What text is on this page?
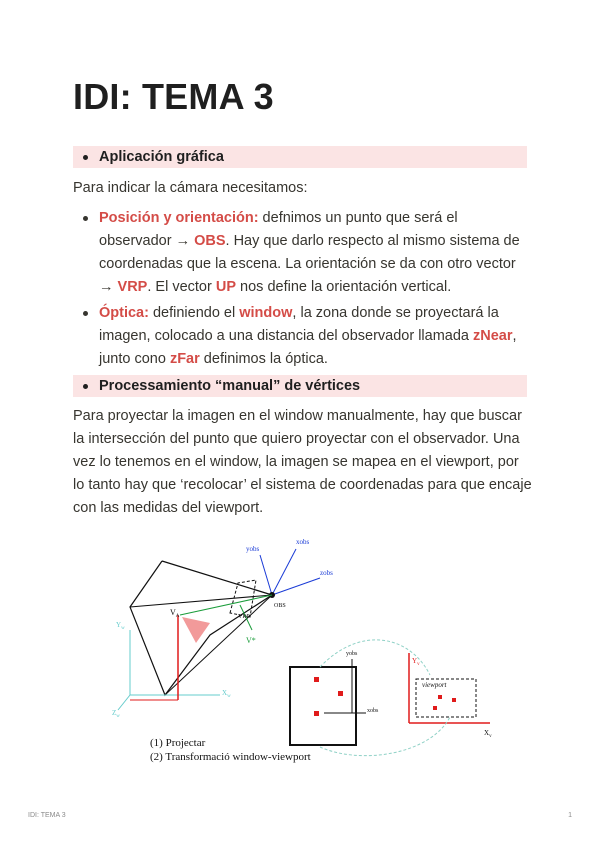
IDI: TEMA 3
Aplicación gráfica

Para indicar la cámara necesitamos:

Posición y orientación: defnimos un punto que será el observador → OBS. Hay que darlo respecto al mismo sistema de coordenadas que la escena. La orientación se da con otro vector → VRP. El vector UP nos define la orientación vertical.

Óptica: definiendo el window, la zona donde se proyectará la imagen, colocado a una distancia del observador llamada zNear, junto cono zFar definimos la óptica.

Processamiento “manual” de vértices

Para proyectar la imagen en el window manualmente, hay que buscar la intersección del punto que quiero proyectar con el observador. Una vez lo tenemos en el window, la imagen se mapea en el viewport, por lo tanto hay que ‘recolocar’ el sistema de coordenadas para que encaje con las medidas del viewport.

yobs
xobs
zobs
OBS
VRP
$V_A$
V*
$Y_w$
$X_w$
$Z_w$
yobs
xobs
$Y_v$
$X_v$
viewport
(1) Projectar
(2) Transformació window-viewport
IDI: TEMA 3	1
